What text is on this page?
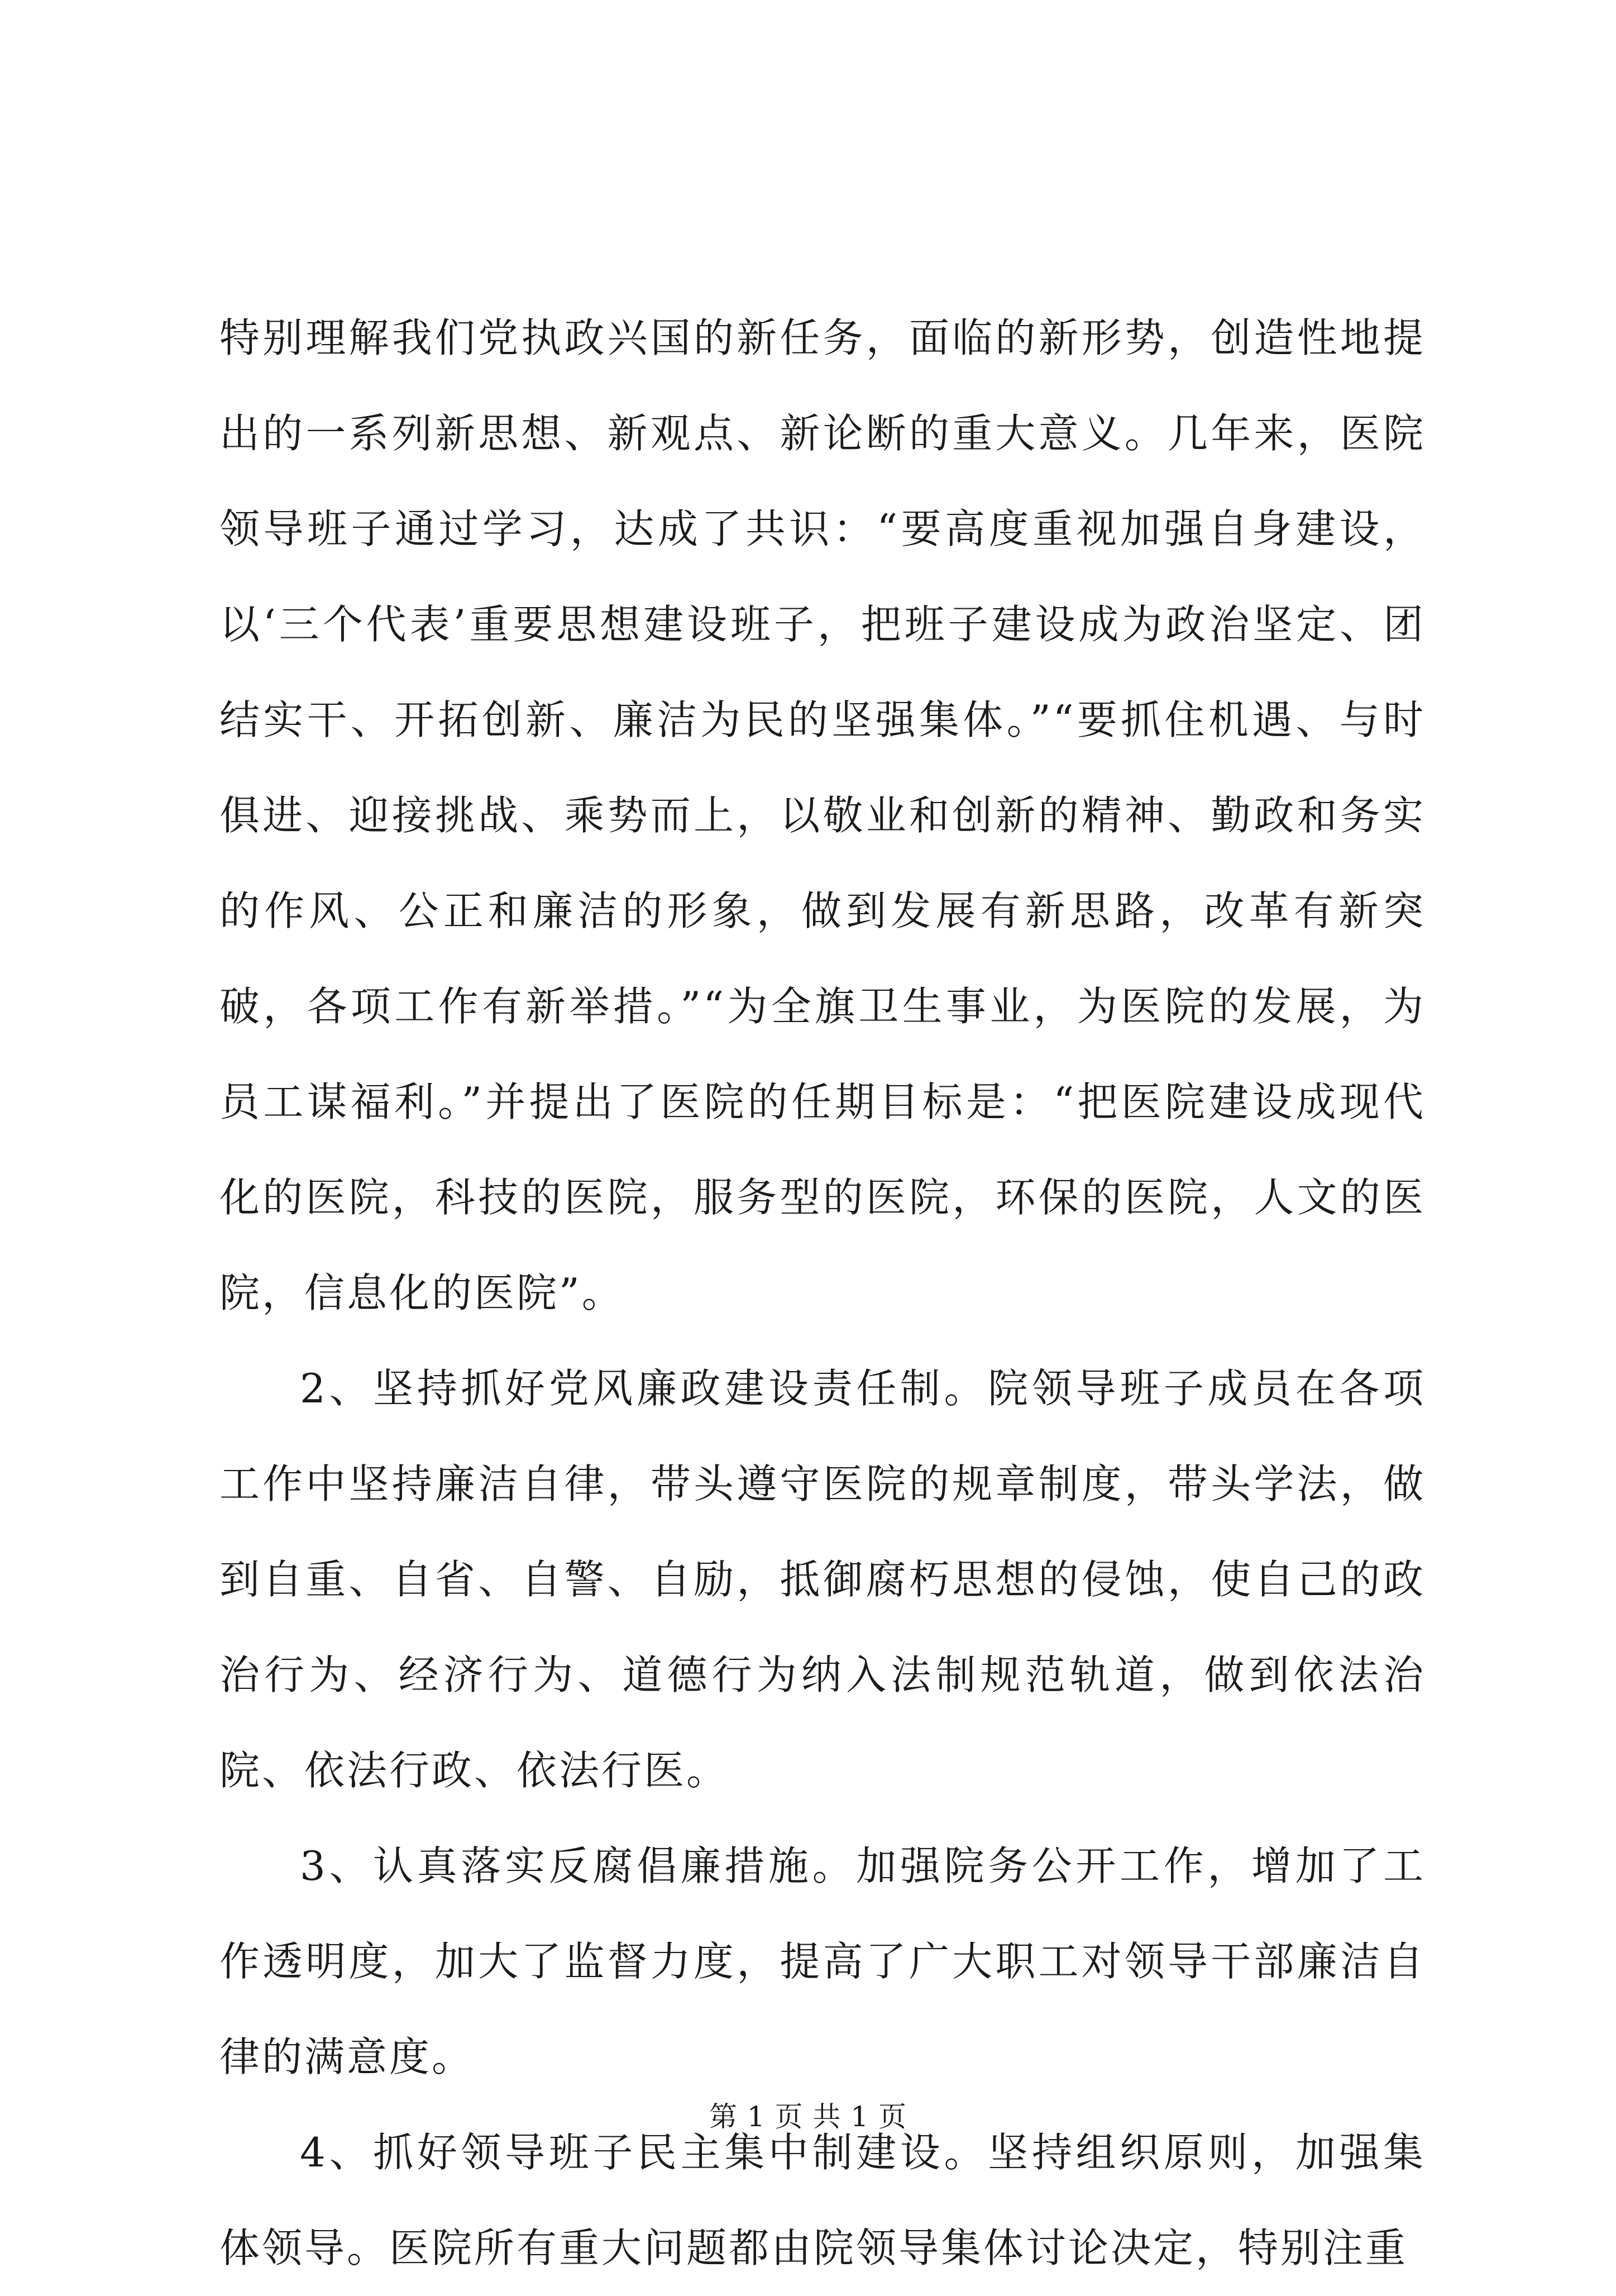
特别理解我们党执政兴国的新任务，面临的新形势，创造性地提出的一系列新思想、新观点、新论断的重大意义。几年来，医院领导班子通过学习，达成了共识：“要高度重视加强自身建设，以‘三个代表’重要思想建设班子，把班子建设成为政治坚定、团结实干、开拓创新、廉洁为民的坚强集体。”“要抓住机遇、与时俱进、迎接挑战、乘势而上，以敬业和创新的精神、勤政和务实的作风、公正和廉洁的形象，做到发展有新思路，改革有新突破，各项工作有新举措。”“为全旗卫生事业，为医院的发展，为员工谋福利。”并提出了医院的任期目标是：“把医院建设成现代化的医院，科技的医院，服务型的医院，环保的医院，人文的医院，信息化的医院”。

2、坚持抓好党风廉政建设责任制。院领导班子成员在各项工作中坚持廉洁自律，带头遵守医院的规章制度，带头学法，做到自重、自省、自警、自励，抵御腐朽思想的侵蚀，使自己的政治行为、经济行为、道德行为纳入法制规范轨道，做到依法治院、依法行政、依法行医。

3、认真落实反腐倡廉措施。加强院务公开工作，增加了工作透明度，加大了监督力度，提高了广大职工对领导干部廉洁自律的满意度。

4、抓好领导班子民主集中制建设。坚持组织原则，加强集体领导。医院所有重大问题都由院领导集体讨论决定，特别注重

第 1 页 共 1 页
